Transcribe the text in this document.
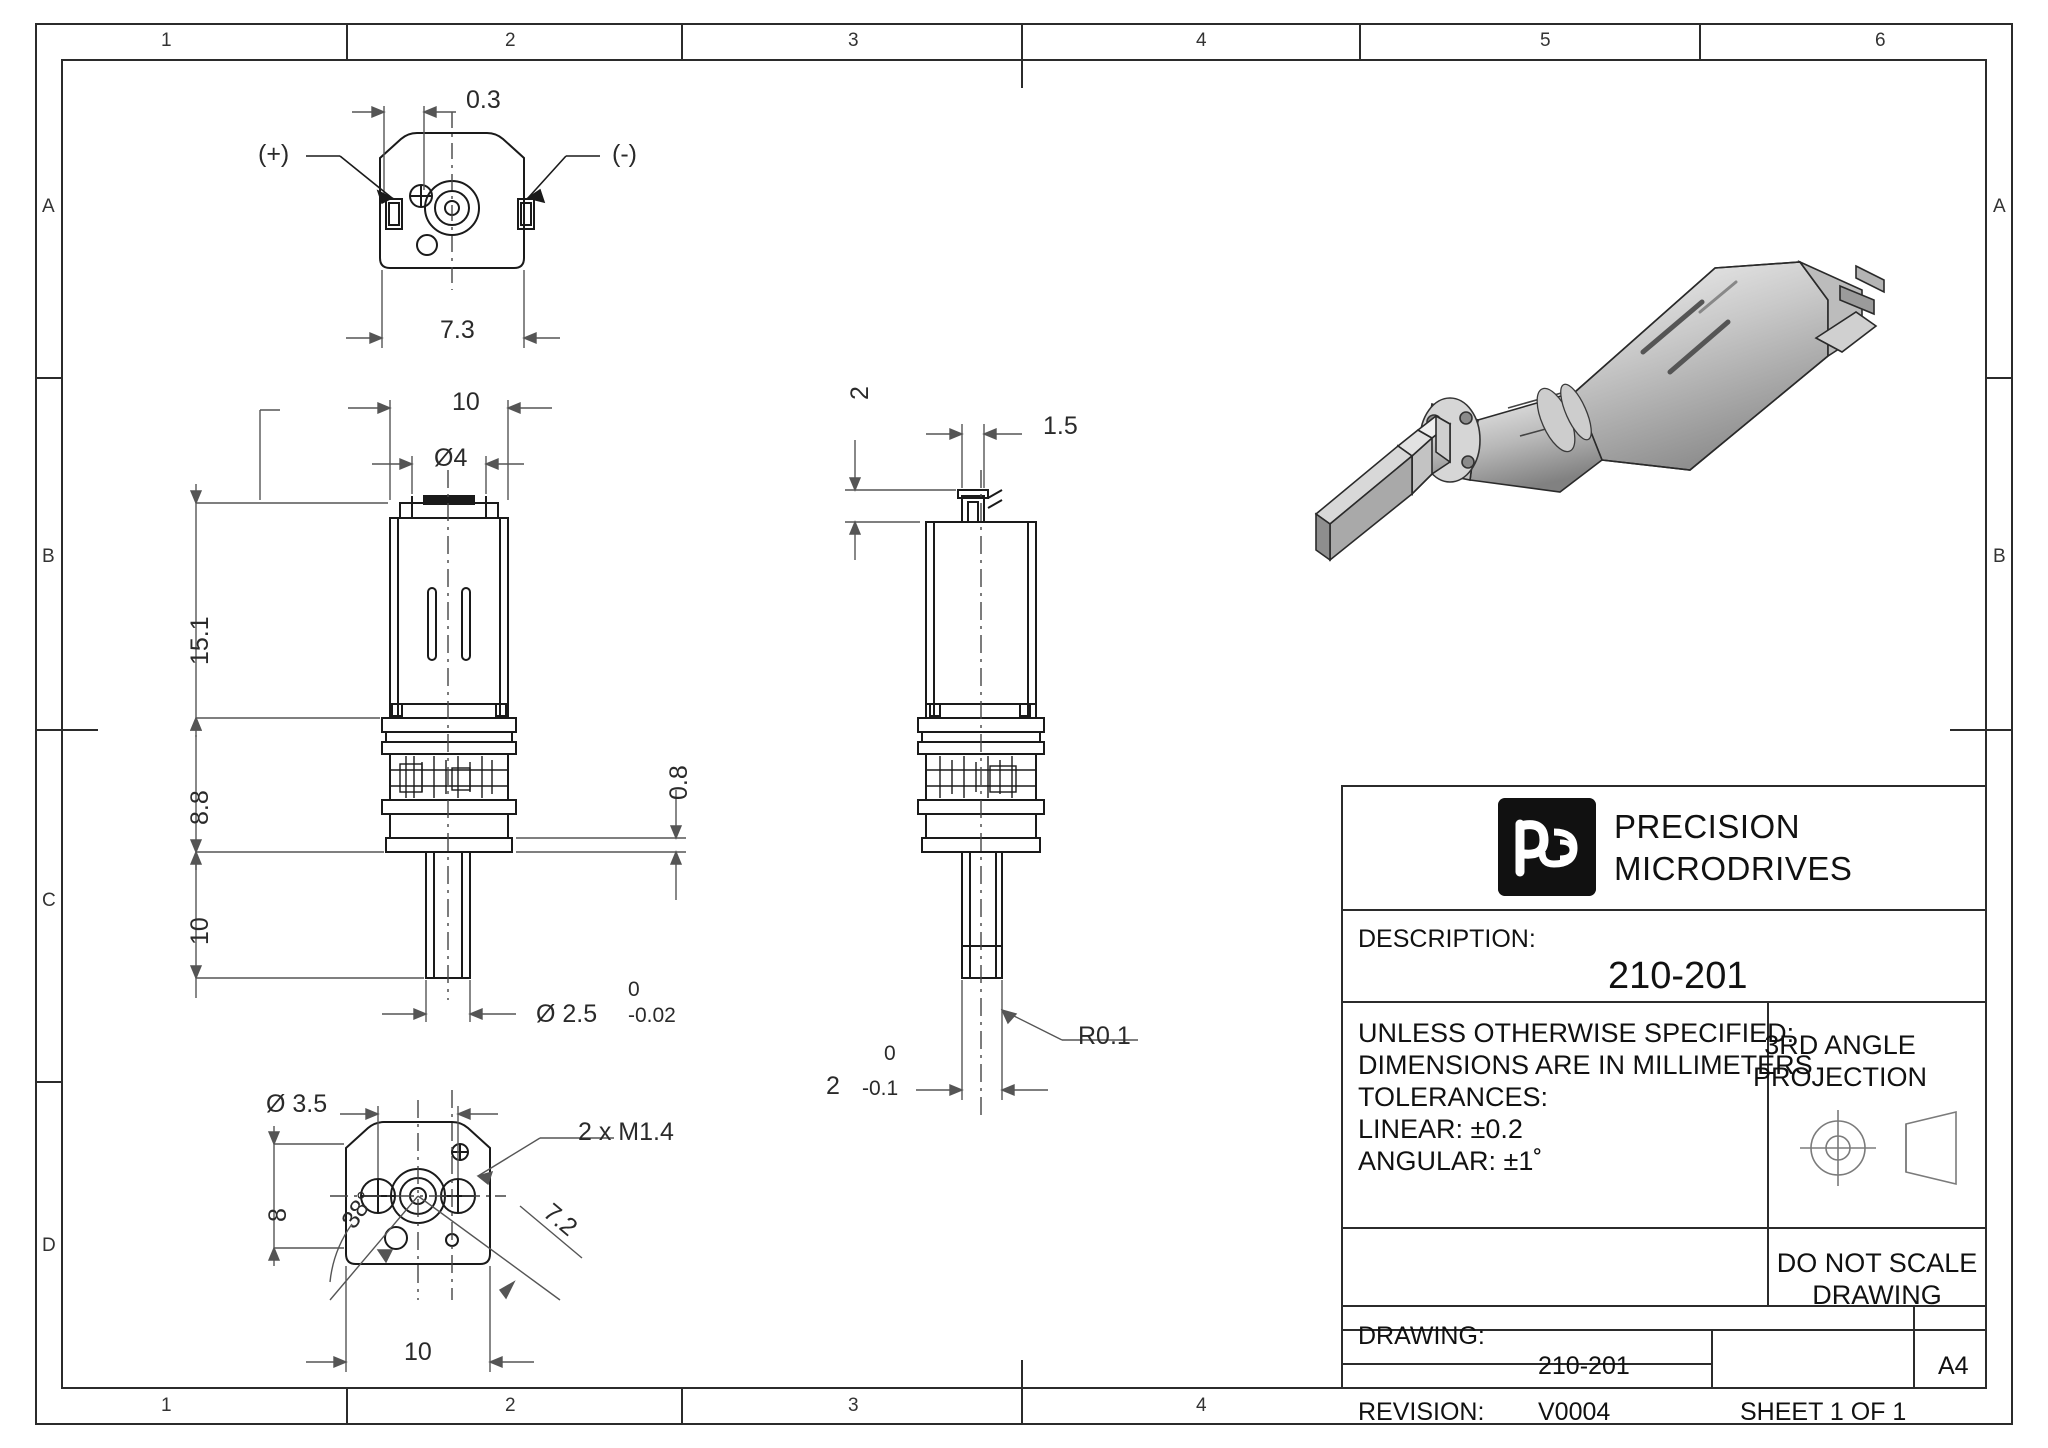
1	2	3	4	5	6
1	2	3	4
A
B
C
D
A
B
0.3
7.3
(+)	(-)
10
Ø4
15.1
8.8
10
0.8
Ø 2.5
0
-0.02
2
1.5
R0.1
0
2 -0.1
Ø 3.5
2 x M1.4
8 38°	7.2
10
PRECISION
MICRODRIVES
DESCRIPTION:
210-201
UNLESS OTHERWISE SPECIFIED:
DIMENSIONS ARE IN MILLIMETERS
TOLERANCES:
LINEAR: ±0.2
ANGULAR: ±1˚
3RD ANGLE
PROJECTION
DO NOT SCALE
DRAWING
DRAWING:
210-201	A4
REVISION: V0004	SHEET 1 OF 1
